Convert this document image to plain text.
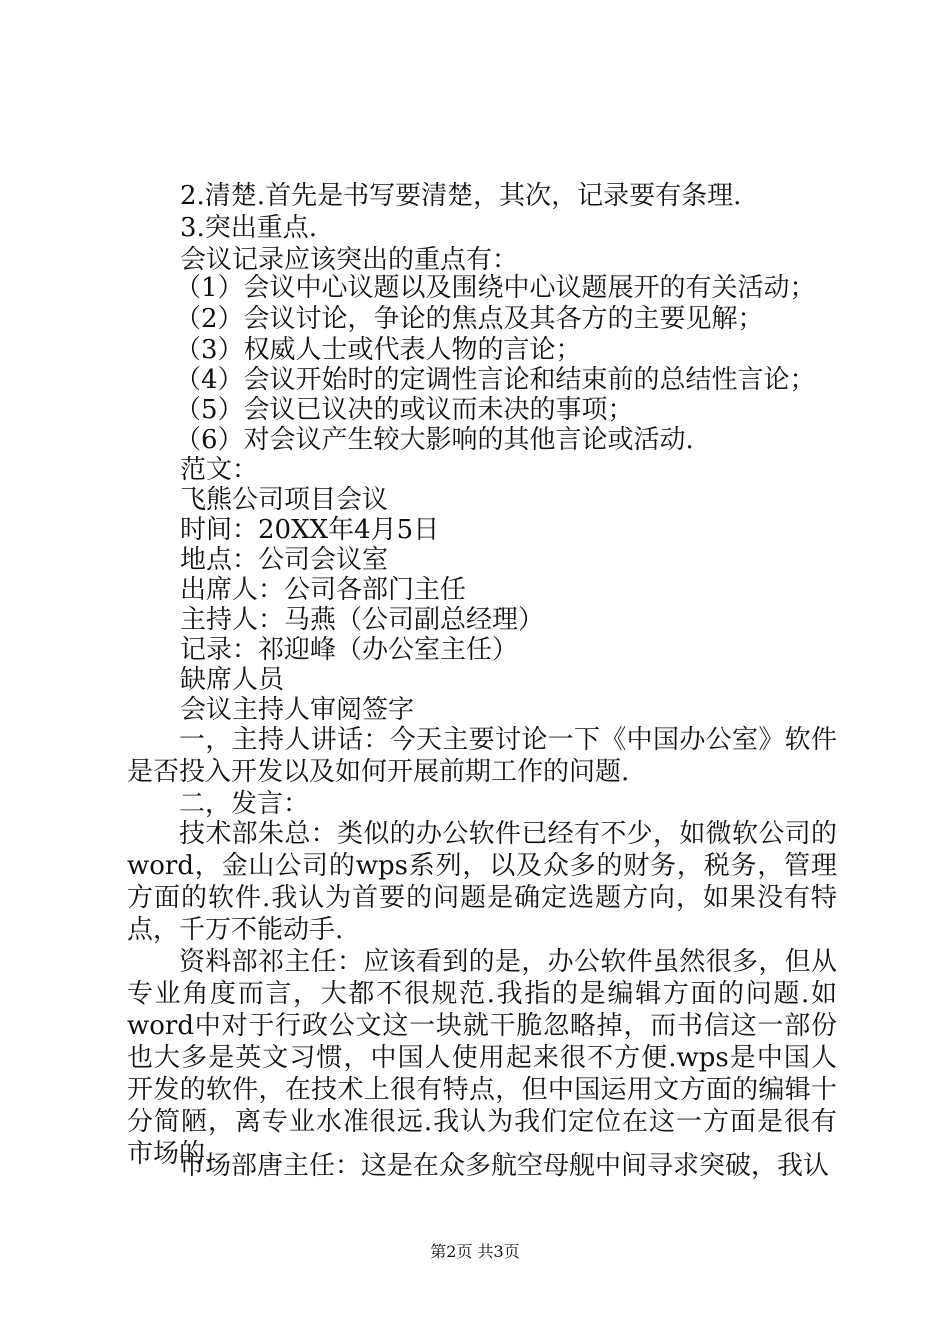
2.清楚.首先是书写要清楚，其次，记录要有条理.
3.突出重点.
会议记录应该突出的重点有：
（1）会议中心议题以及围绕中心议题展开的有关活动；
（2）会议讨论，争论的焦点及其各方的主要见解；
（3）权威人士或代表人物的言论；
（4）会议开始时的定调性言论和结束前的总结性言论；
（5）会议已议决的或议而未决的事项；
（6）对会议产生较大影响的其他言论或活动.
范文：
飞熊公司项目会议
时间：20XX年4月5日
地点：公司会议室
出席人：公司各部门主任
主持人：马燕（公司副总经理）
记录：祁迎峰（办公室主任）
缺席人员
会议主持人审阅签字
一，主持人讲话：今天主要讨论一下《中国办公室》软件是否投入开发以及如何开展前期工作的问题.
二，发言：
技术部朱总：类似的办公软件已经有不少，如微软公司的word，金山公司的wps系列，以及众多的财务，税务，管理方面的软件.我认为首要的问题是确定选题方向，如果没有特点，千万不能动手.
资料部祁主任：应该看到的是，办公软件虽然很多，但从专业角度而言，大都不很规范.我指的是编辑方面的问题.如word中对于行政公文这一块就干脆忽略掉，而书信这一部份也大多是英文习惯，中国人使用起来很不方便.wps是中国人开发的软件，在技术上很有特点，但中国运用文方面的编辑十分简陋，离专业水准很远.我认为我们定位在这一方面是很有市场的.
市场部唐主任：这是在众多航空母舰中间寻求突破，我认
第2页 共3页
